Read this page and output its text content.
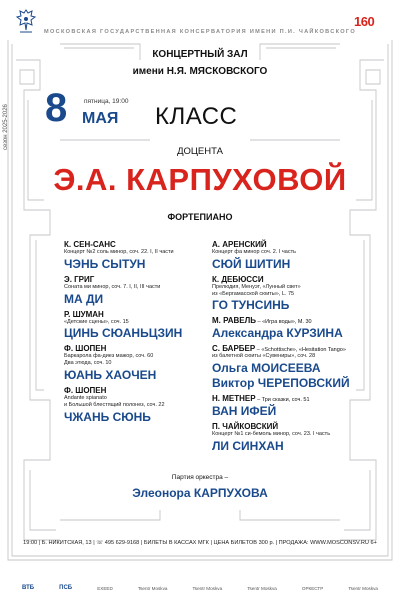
160
МОСКОВСКАЯ ГОСУДАРСТВЕННАЯ КОНСЕРВАТОРИЯ ИМЕНИ П.И. ЧАЙКОВСКОГО
КОНЦЕРТНЫЙ ЗАЛ
имени Н.Я. МЯСКОВСКОГО
сезон 2025-2026 8	пятница, 19:00
МАЯ КЛАСС
ДОЦЕНТА
Э.А. КАРПУХОВОЙ
ФОРТЕПИАНО
К. СЕН-САНС
Концерт №2 соль минор, соч. 22. I, II части
ЧЭНЬ СЫТУН
Э. ГРИГ
Соната ми минор, соч. 7. I, II, III части
МА ДИ
Р. ШУМАН
«Детские сцены», соч. 15
ЦИНЬ СЮАНЬЦЗИН
Ф. ШОПЕН
Баркарола фа-диез мажор, соч. 60
Два этюда, соч. 10
ЮАНЬ ХАОЧЕН
Ф. ШОПЕН
Andante spianato
и Большой блестящий полонез, соч. 22
ЧЖАНЬ СЮНЬ
А. АРЕНСКИЙ
Концерт фа минор соч. 2. I часть
СЮЙ ШИТИН
К. ДЕБЮССИ
Прелюдия, Менуэт, «Лунный свет»
из «Бергамасской сюиты», L. 75
ГО ТУНСИНЬ
М. РАВЕЛЬ – «Игра воды», M. 30
Александра КУРЗИНА
С. БАРБЕР – «Schottische», «Hesitation Tango»
из балетной сюиты «Сувениры», соч. 28
Ольга МОИСЕЕВА
Виктор ЧЕРЕПОВСКИЙ
Н. МЕТНЕР – Три сказки, соч. 51
ВАН ИФЕЙ
П. ЧАЙКОВСКИЙ
Концерт №1 си-бемоль минор, соч. 23. I часть
ЛИ СИНХАН
Партия оркестра –
Элеонора КАРПУХОВА
19:00 | Б. НИКИТСКАЯ, 13 | ☏ 495 629-9168 | БИЛЕТЫ В КАССАХ МГК | ЦЕНА БИЛЕТОВ 300 р. | ПРОДАЖА: WWW.MOSCONSV.RU 6+
ВТБ	ПСБ	EXEED	Tsentr Moskva	Tsentr Moskva	Tsentr Moskva	ОРКЕСТР	Tsentr Moskva
